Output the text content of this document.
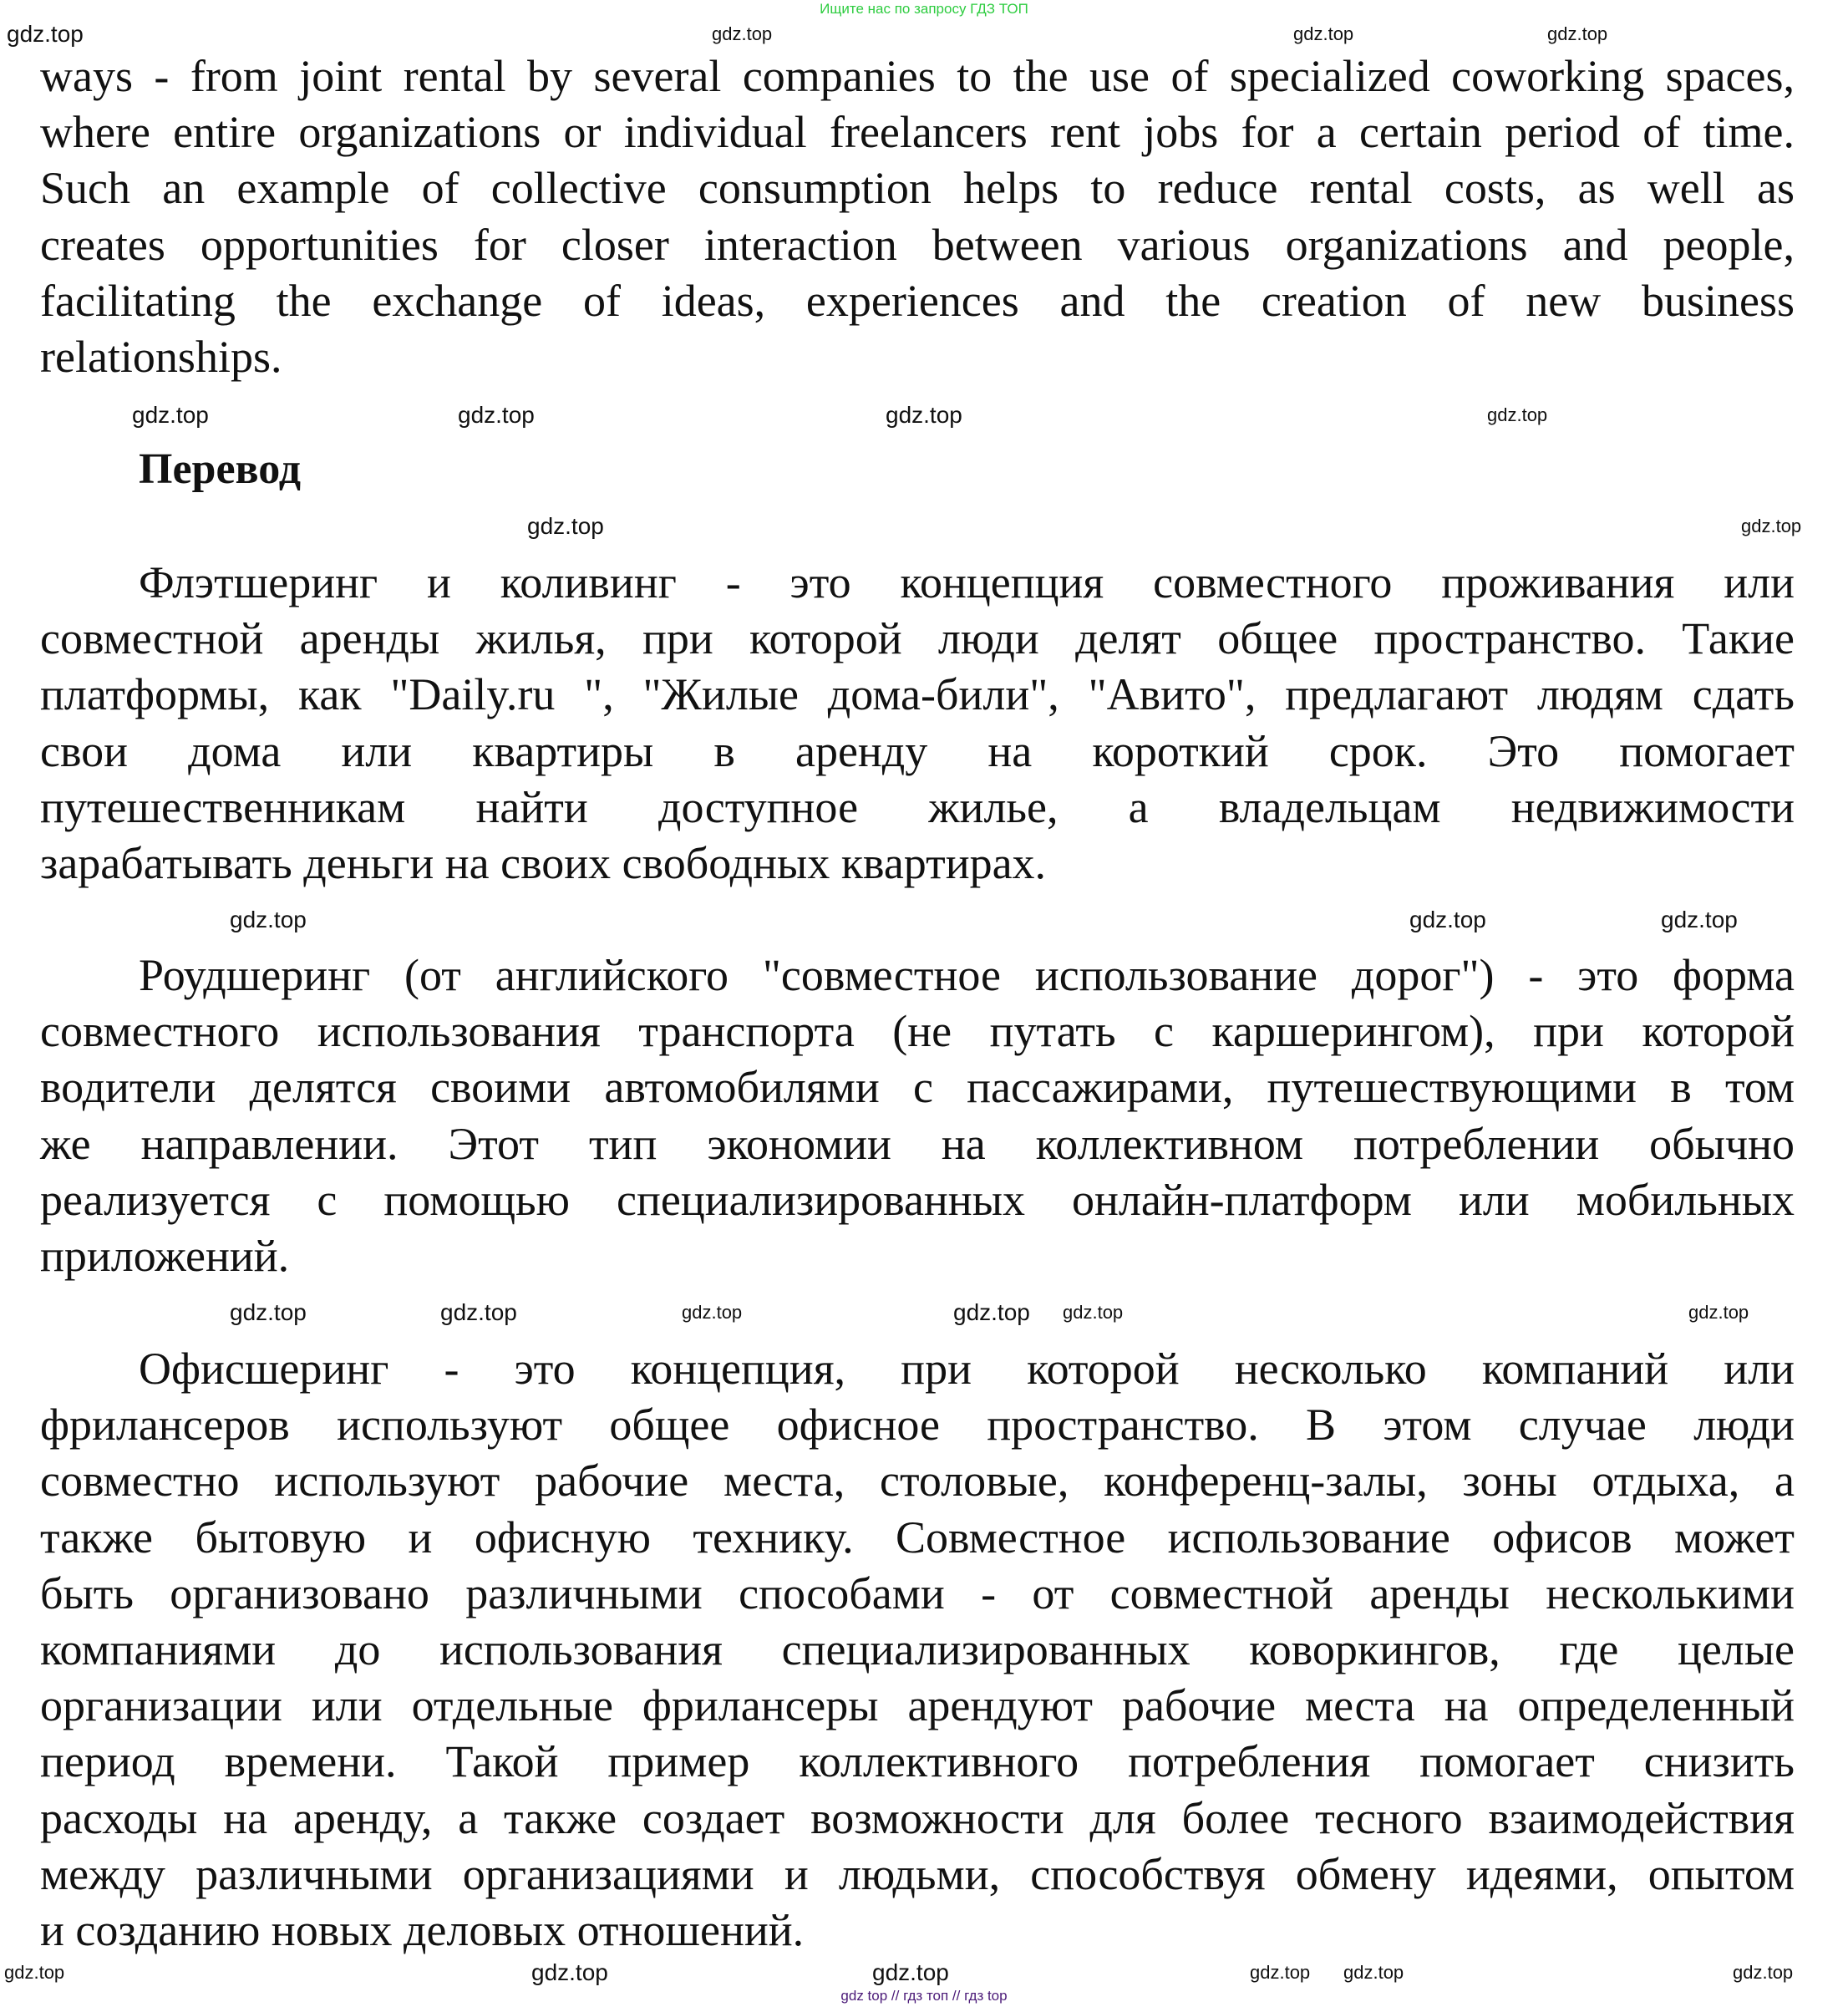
Ищите нас по запросу ГДЗ ТОП
ways - from joint rental by several companies to the use of specialized coworking spaces,
where entire organizations or individual freelancers rent jobs for a certain period of time.
Such an example of collective consumption helps to reduce rental costs, as well as
creates opportunities for closer interaction between various organizations and people,
facilitating the exchange of ideas, experiences and the creation of new business
relationships.
Перевод
Флэтшеринг и коливинг - это концепция совместного проживания или
совместной аренды жилья, при которой люди делят общее пространство. Такие
платформы, как "Daily.ru ", "Жилые дома-били", "Авито", предлагают людям сдать
свои дома или квартиры в аренду на короткий срок. Это помогает
путешественникам найти доступное жилье, а владельцам недвижимости
зарабатывать деньги на своих свободных квартирах.
Роудшеринг (от английского "совместное использование дорог") - это форма
совместного использования транспорта (не путать с каршерингом), при которой
водители делятся своими автомобилями с пассажирами, путешествующими в том
же направлении. Этот тип экономии на коллективном потреблении обычно
реализуется с помощью специализированных онлайн-платформ или мобильных
приложений.
Офисшеринг - это концепция, при которой несколько компаний или
фрилансеров используют общее офисное пространство. В этом случае люди
совместно используют рабочие места, столовые, конференц-залы, зоны отдыха, а
также бытовую и офисную технику. Совместное использование офисов может
быть организовано различными способами - от совместной аренды несколькими
компаниями до использования специализированных коворкингов, где целые
организации или отдельные фрилансеры арендуют рабочие места на определенный
период времени. Такой пример коллективного потребления помогает снизить
расходы на аренду, а также создает возможности для более тесного взаимодействия
между различными организациями и людьми, способствуя обмену идеями, опытом
и созданию новых деловых отношений.
gdz.top	gdz.top	gdz.top	gdz.top
gdz.top
gdz.top	gdz.top
gdz.top
gdz.top	gdz.top
gdz.top	gdz.top
gdz.top
gdz.top	gdz.top
gdz.top
gdz.top
gdz.top	gdz.top
gdz.top
gdz.top	gdz.top
gdz.top
gdz.top
gdz.top
gdz top // гдз топ // гдз top
